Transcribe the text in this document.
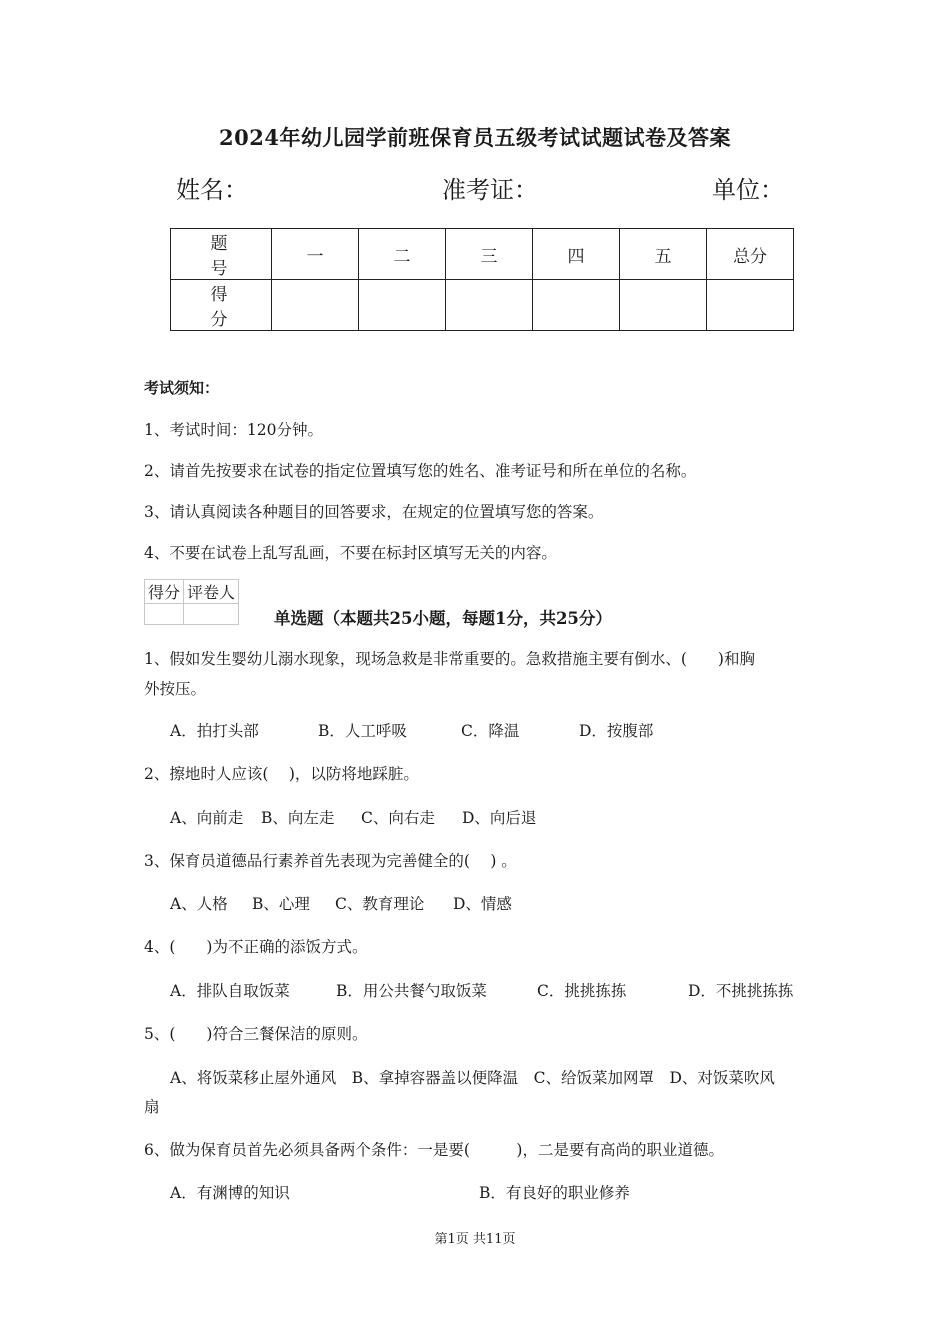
2024年幼儿园学前班保育员五级考试试题试卷及答案
姓名：	准考证：	单位：
题　号	一	二	三	四	五	总分
得　分						
考试须知：
1、考试时间：120分钟。
2、请首先按要求在试卷的指定位置填写您的姓名、准考证号和所在单位的名称。
3、请认真阅读各种题目的回答要求，在规定的位置填写您的答案。
4、不要在试卷上乱写乱画，不要在标封区填写无关的内容。
得分	评卷人

单选题（本题共25小题，每题1分，共25分）
1、假如发生婴幼儿溺水现象，现场急救是非常重要的。急救措施主要有倒水、(　　)和胸
外按压。
A．拍打头部	B．人工呼吸	C．降温	D．按腹部
2、擦地时人应该(　 )，以防将地踩脏。
A、向前走 B、向左走 C、向右走 D、向后退
3、保育员道德品行素养首先表现为完善健全的(　 ) 。
A、人格 B、心理 C、教育理论 D、情感
4、(　　)为不正确的添饭方式。
A．排队自取饭菜	B．用公共餐勺取饭菜	C．挑挑拣拣	D．不挑挑拣拣
5、(　　)符合三餐保洁的原则。
A、将饭菜移止屋外通风　B、拿掉容器盖以便降温　C、给饭菜加网罩　D、对饭菜吹风
扇
6、做为保育员首先必须具备两个条件：一是要(　　　)，二是要有高尚的职业道德。
A．有渊博的知识	B．有良好的职业修养
第1页 共11页
